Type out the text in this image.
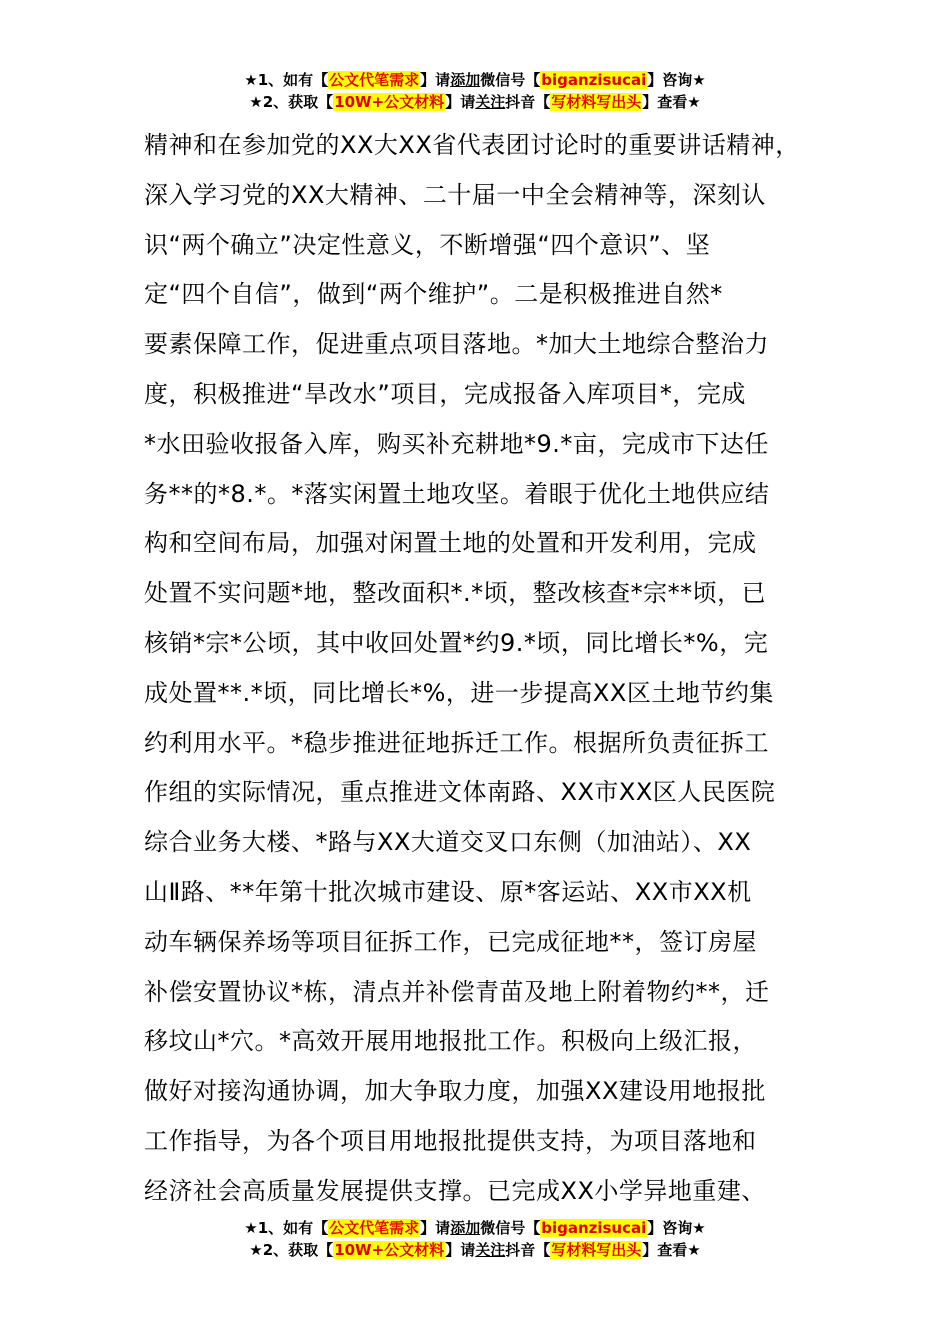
★1、如有【公文代笔需求】请添加微信号【biganzisucai】咨询★
★2、获取【10W+公文材料】请关注抖音【写材料写出头】查看★
精神和在参加党的XX大XX省代表团讨论时的重要讲话精神，
深入学习党的XX大精神、二十届一中全会精神等，深刻认
识“两个确立”决定性意义，不断增强“四个意识”、坚
定“四个自信”，做到“两个维护”。二是积极推进自然*
要素保障工作，促进重点项目落地。*加大土地综合整治力
度，积极推进“旱改水”项目，完成报备入库项目*，完成
*水田验收报备入库，购买补充耕地*9.*亩，完成市下达任
务**的*8.*。*落实闲置土地攻坚。着眼于优化土地供应结
构和空间布局，加强对闲置土地的处置和开发利用，完成
处置不实问题*地，整改面积*.*顷，整改核查*宗**顷，已
核销*宗*公顷，其中收回处置*约9.*顷，同比增长*%，完
成处置**.*顷，同比增长*%，进一步提高XX区土地节约集
约利用水平。*稳步推进征地拆迁工作。根据所负责征拆工
作组的实际情况，重点推进文体南路、XX市XX区人民医院
综合业务大楼、*路与XX大道交叉口东侧（加油站）、XX
山Ⅱ路、**年第十批次城市建设、原*客运站、XX市XX机
动车辆保养场等项目征拆工作，已完成征地**，签订房屋
补偿安置协议*栋，清点并补偿青苗及地上附着物约**，迁
移坟山*穴。*高效开展用地报批工作。积极向上级汇报，
做好对接沟通协调，加大争取力度，加强XX建设用地报批
工作指导，为各个项目用地报批提供支持，为项目落地和
经济社会高质量发展提供支撑。已完成XX小学异地重建、
★1、如有【公文代笔需求】请添加微信号【biganzisucai】咨询★
★2、获取【10W+公文材料】请关注抖音【写材料写出头】查看★
